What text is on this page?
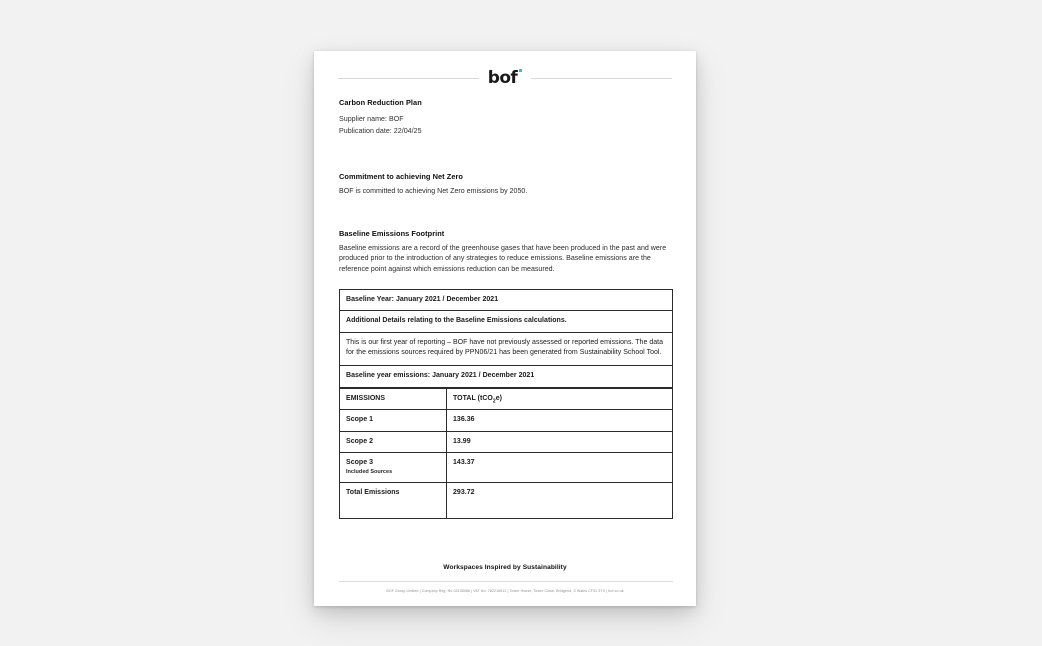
bof
Carbon Reduction Plan

Supplier name: BOF

Publication date: 22/04/25

Commitment to achieving Net Zero

BOF is committed to achieving Net Zero emissions by 2050.

Baseline Emissions Footprint

Baseline emissions are a record of the greenhouse gases that have been produced in the past and were produced prior to the introduction of any strategies to reduce emissions. Baseline emissions are the reference point against which emissions reduction can be measured.

Baseline Year: January 2021 / December 2021
Additional Details relating to the Baseline Emissions calculations.
This is our first year of reporting – BOF have not previously assessed or reported emissions. The data for the emissions sources required by PPN06/21 has been generated from Sustainability School Tool.
Baseline year emissions: January 2021 / December 2021
EMISSIONS	TOTAL (tCO$_2$e)
Scope 1	136.36
Scope 2	13.99
Scope 3
Included Sources	143.37
Total Emissions	293.72
Workspaces Inspired by Sustainability
BOF Group Limited | Company Reg. No 03108086 | VAT No: 762216512 | Tower House, Tower Close, Bridgend, S Wales CF31 3TX | bof.co.uk
